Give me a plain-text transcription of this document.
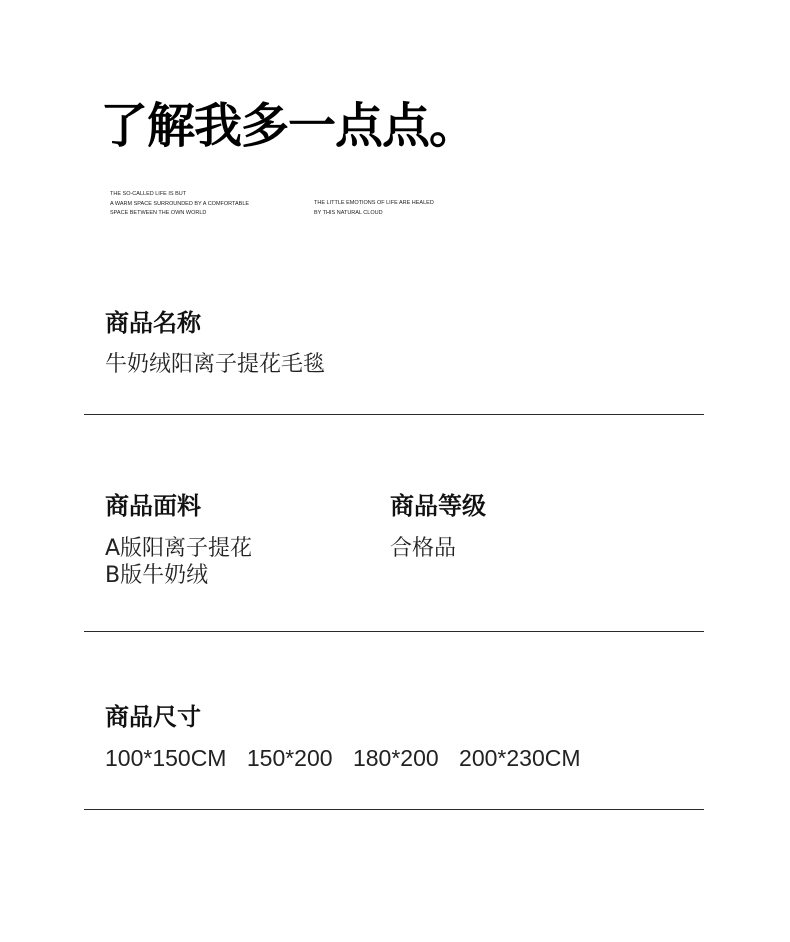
了解我多一点点。
THE SO-CALLED LIFE IS BUT
A WARM SPACE SURROUNDED BY A COMFORTABLE
SPACE BETWEEN THE OWN WORLD
THE LITTLE EMOTIONS OF LIFE ARE HEALED
BY THIS NATURAL CLOUD
商品名称
牛奶绒阳离子提花毛毯
商品面料
A版阳离子提花
B版牛奶绒
商品等级
合格品
商品尺寸
100*150CM 150*200 180*200 200*230CM
